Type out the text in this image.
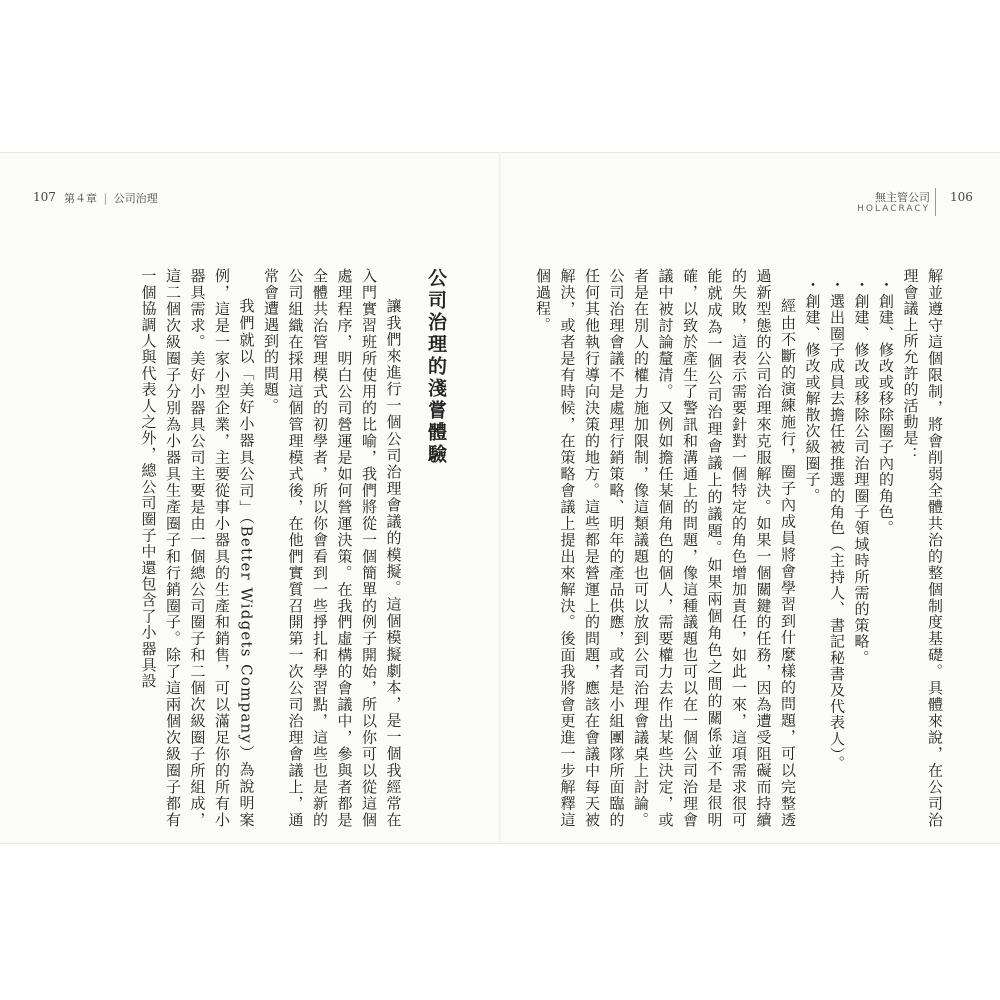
107 第４章 | 公司治理	無主管公司
HOLACRACY
106

解並遵守這個限制，將會削弱全體共治的整個制度基礎。具體來說，在公司治理會議上所允許的活動是：

・創建、修改或移除圈子內的角色。

・創建、修改或移除公司治理圈子領域時所需的策略。

・選出圈子成員去擔任被推選的角色（主持人、書記秘書及代表人）。

・創建、修改或解散次級圈子。

經由不斷的演練施行，圈子內成員將會學習到什麼樣的問題，可以完整透過新型態的公司治理來克服解決。如果一個關鍵的任務，因為遭受阻礙而持續的失敗，這表示需要針對一個特定的角色增加責任，如此一來，這項需求很可能就成為一個公司治理會議上的議題。如果兩個角色之間的關係並不是很明確，以致於產生了警訊和溝通上的問題，像這種議題也可以在一個公司治理會議中被討論釐清。又例如擔任某個角色的個人，需要權力去作出某些決定，或者是在別人的權力施加限制，像這類議題也可以放到公司治理會議桌上討論。公司治理會議不是處理行銷策略、明年的產品供應，或者是小組團隊所面臨的任何其他執行導向決策的地方。這些都是營運上的問題，應該在會議中每天被解決，或者是有時候，在策略會議上提出來解決。後面我將會更進一步解釋這個過程。

公司治理的淺嘗體驗

讓我們來進行一個公司治理會議的模擬。這個模擬劇本，是一個我經常在入門實習班所使用的比喻，我們將從一個簡單的例子開始，所以你可以從這個處理程序，明白公司營運是如何營運決策。在我們虛構的會議中，參與者都是全體共治管理模式的初學者，所以你會看到一些掙扎和學習點，這些也是新的公司組織在採用這個管理模式後，在他們實質召開第一次公司治理會議上，通常會遭遇到的問題。

我們就以「美好小器具公司」（Better Widgets Company）為說明案例，這是一家小型企業，主要從事小器具的生產和銷售，可以滿足你的所有小器具需求。美好小器具公司主要是由一個總公司圈子和二個次級圈子所組成，這二個次級圈子分別為小器具生產圈子和行銷圈子。除了這兩個次級圈子都有一個協調人與代表人之外，總公司圈子中還包含了小器具設
